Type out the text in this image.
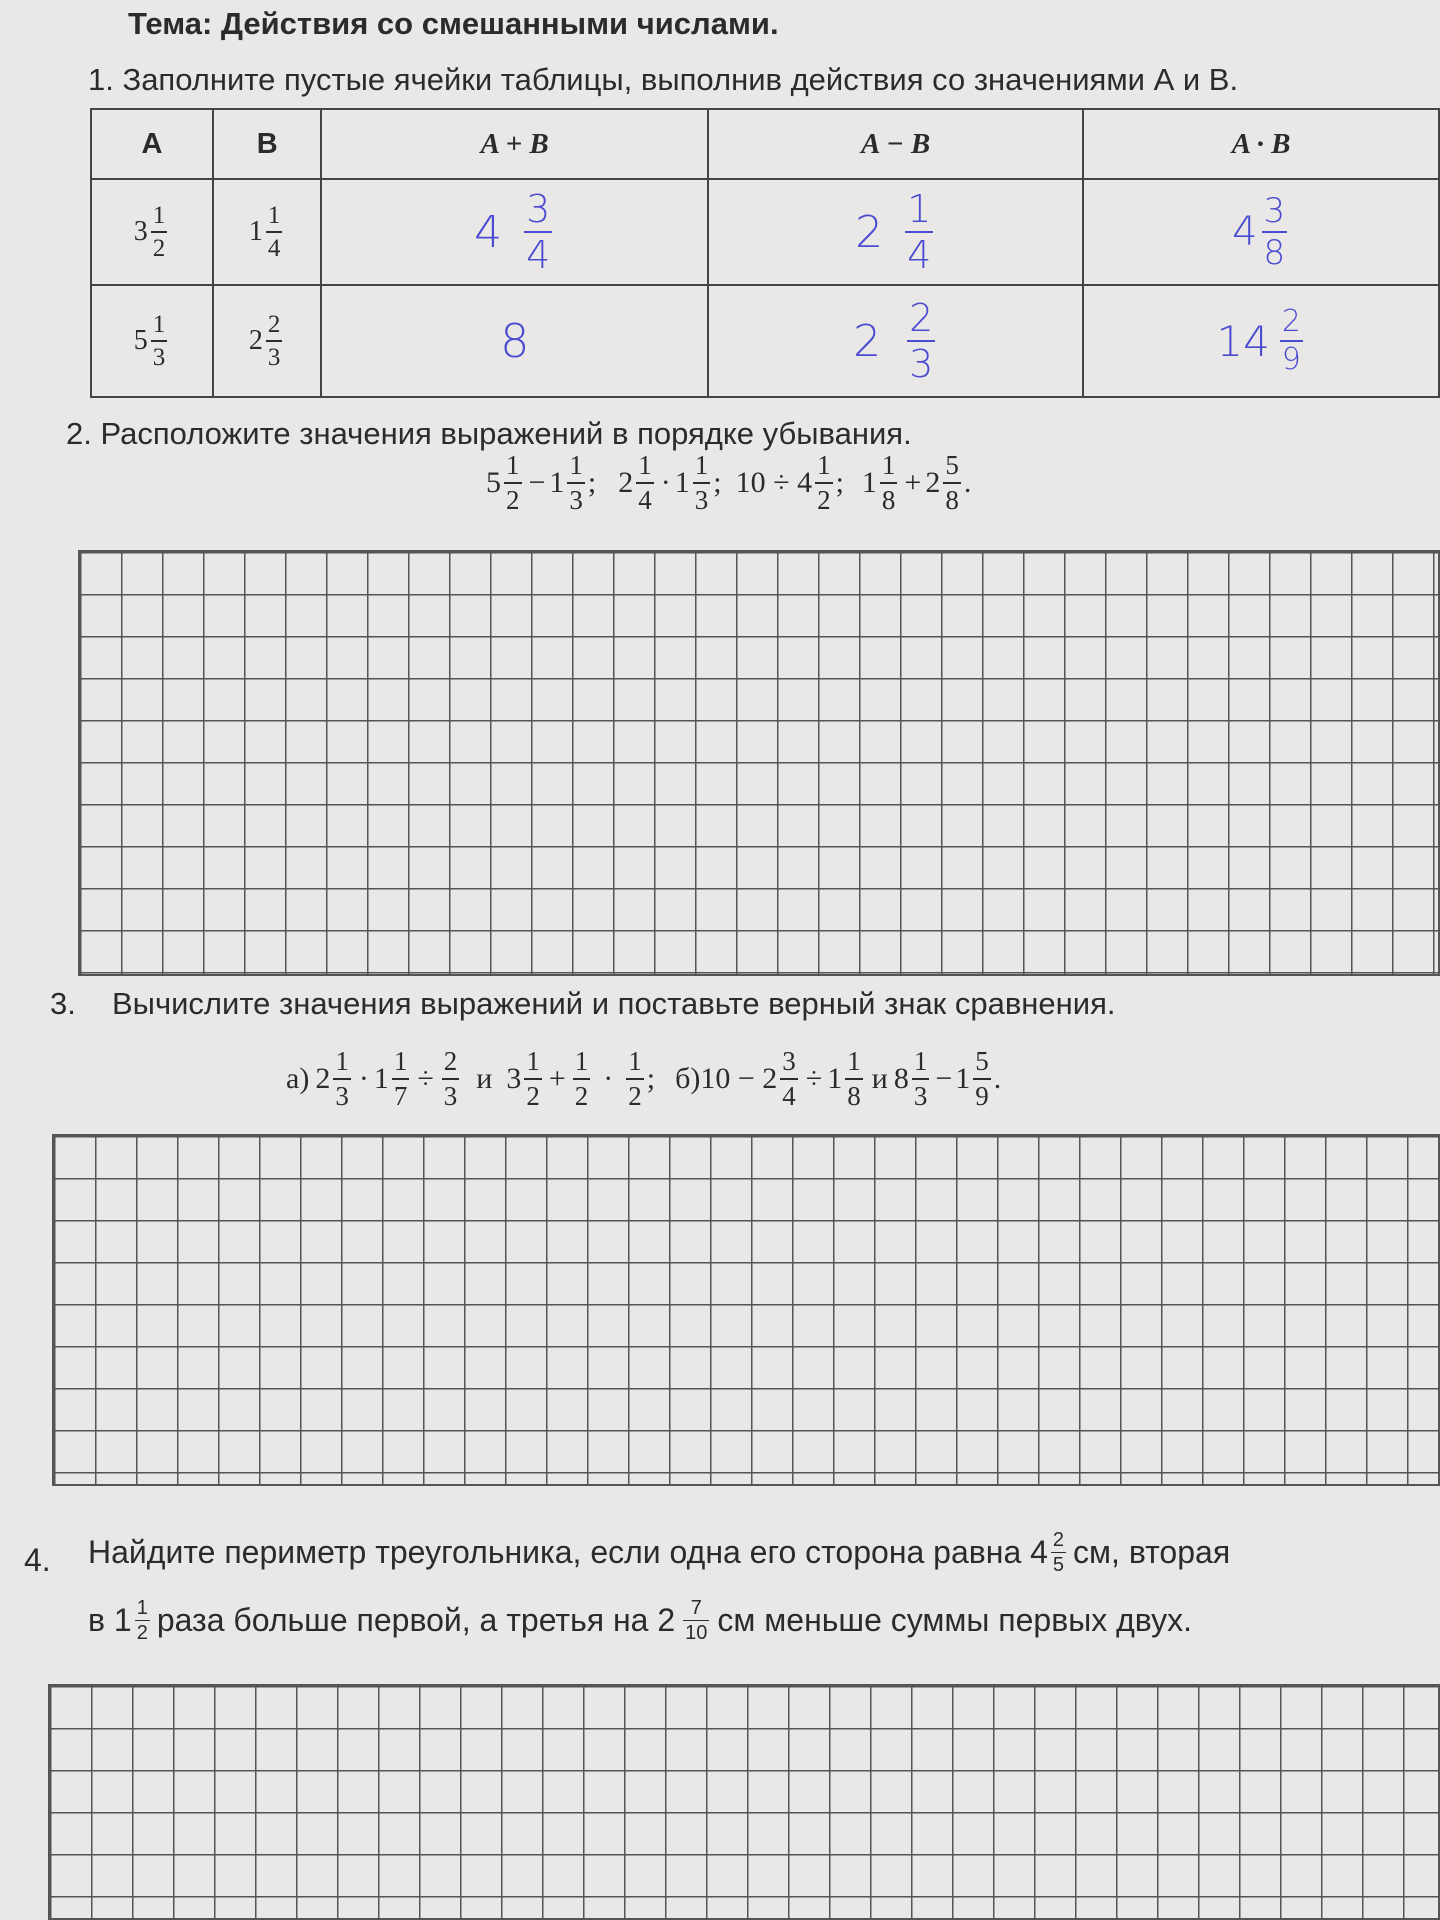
Тема: Действия со смешанными числами.
1. Заполните пустые ячейки таблицы, выполнив действия со значениями А и В.
A	B	A + B	A − B	A · B

$3 \frac{1}{2}$	$1 \frac{1}{4}$	$4 \frac{3}{4}$	$2 \frac{1}{4}$	$4 \frac{3}{8}$

$5 \frac{1}{3}$	$2 \frac{2}{3}$	8	$2 \frac{2}{3}$	$14 \frac{2}{9}$
2. Расположите значения выражений в порядке убывания.
$5 \frac{1}{2} - 1 \frac{1}{3}$ ; $2 \frac{1}{4} \cdot 1 \frac{1}{3}$ ; $10 \div 4 \frac{1}{2}$ ; $1 \frac{1}{8} + 2 \frac{5}{8}$ .
3. Вычислите значения выражений и поставьте верный знак сравнения.
а) $2 \frac{1}{3} \cdot 1 \frac{1}{7} \div \frac{2}{3}$ и $3 \frac{1}{2} + \frac{1}{2} \cdot \frac{1}{2}$ ; б) $10 - 2 \frac{3}{4} \div 1 \frac{1}{8}$ и $8 \frac{1}{3} - 1 \frac{5}{9}$ .
4. Найдите периметр треугольника, если одна его сторона равна $4 \frac{2}{5}$ см, вторая
в $1 \frac{1}{2}$ раза больше первой, а третья на $2 \frac{7}{10}$ см меньше суммы первых двух.
